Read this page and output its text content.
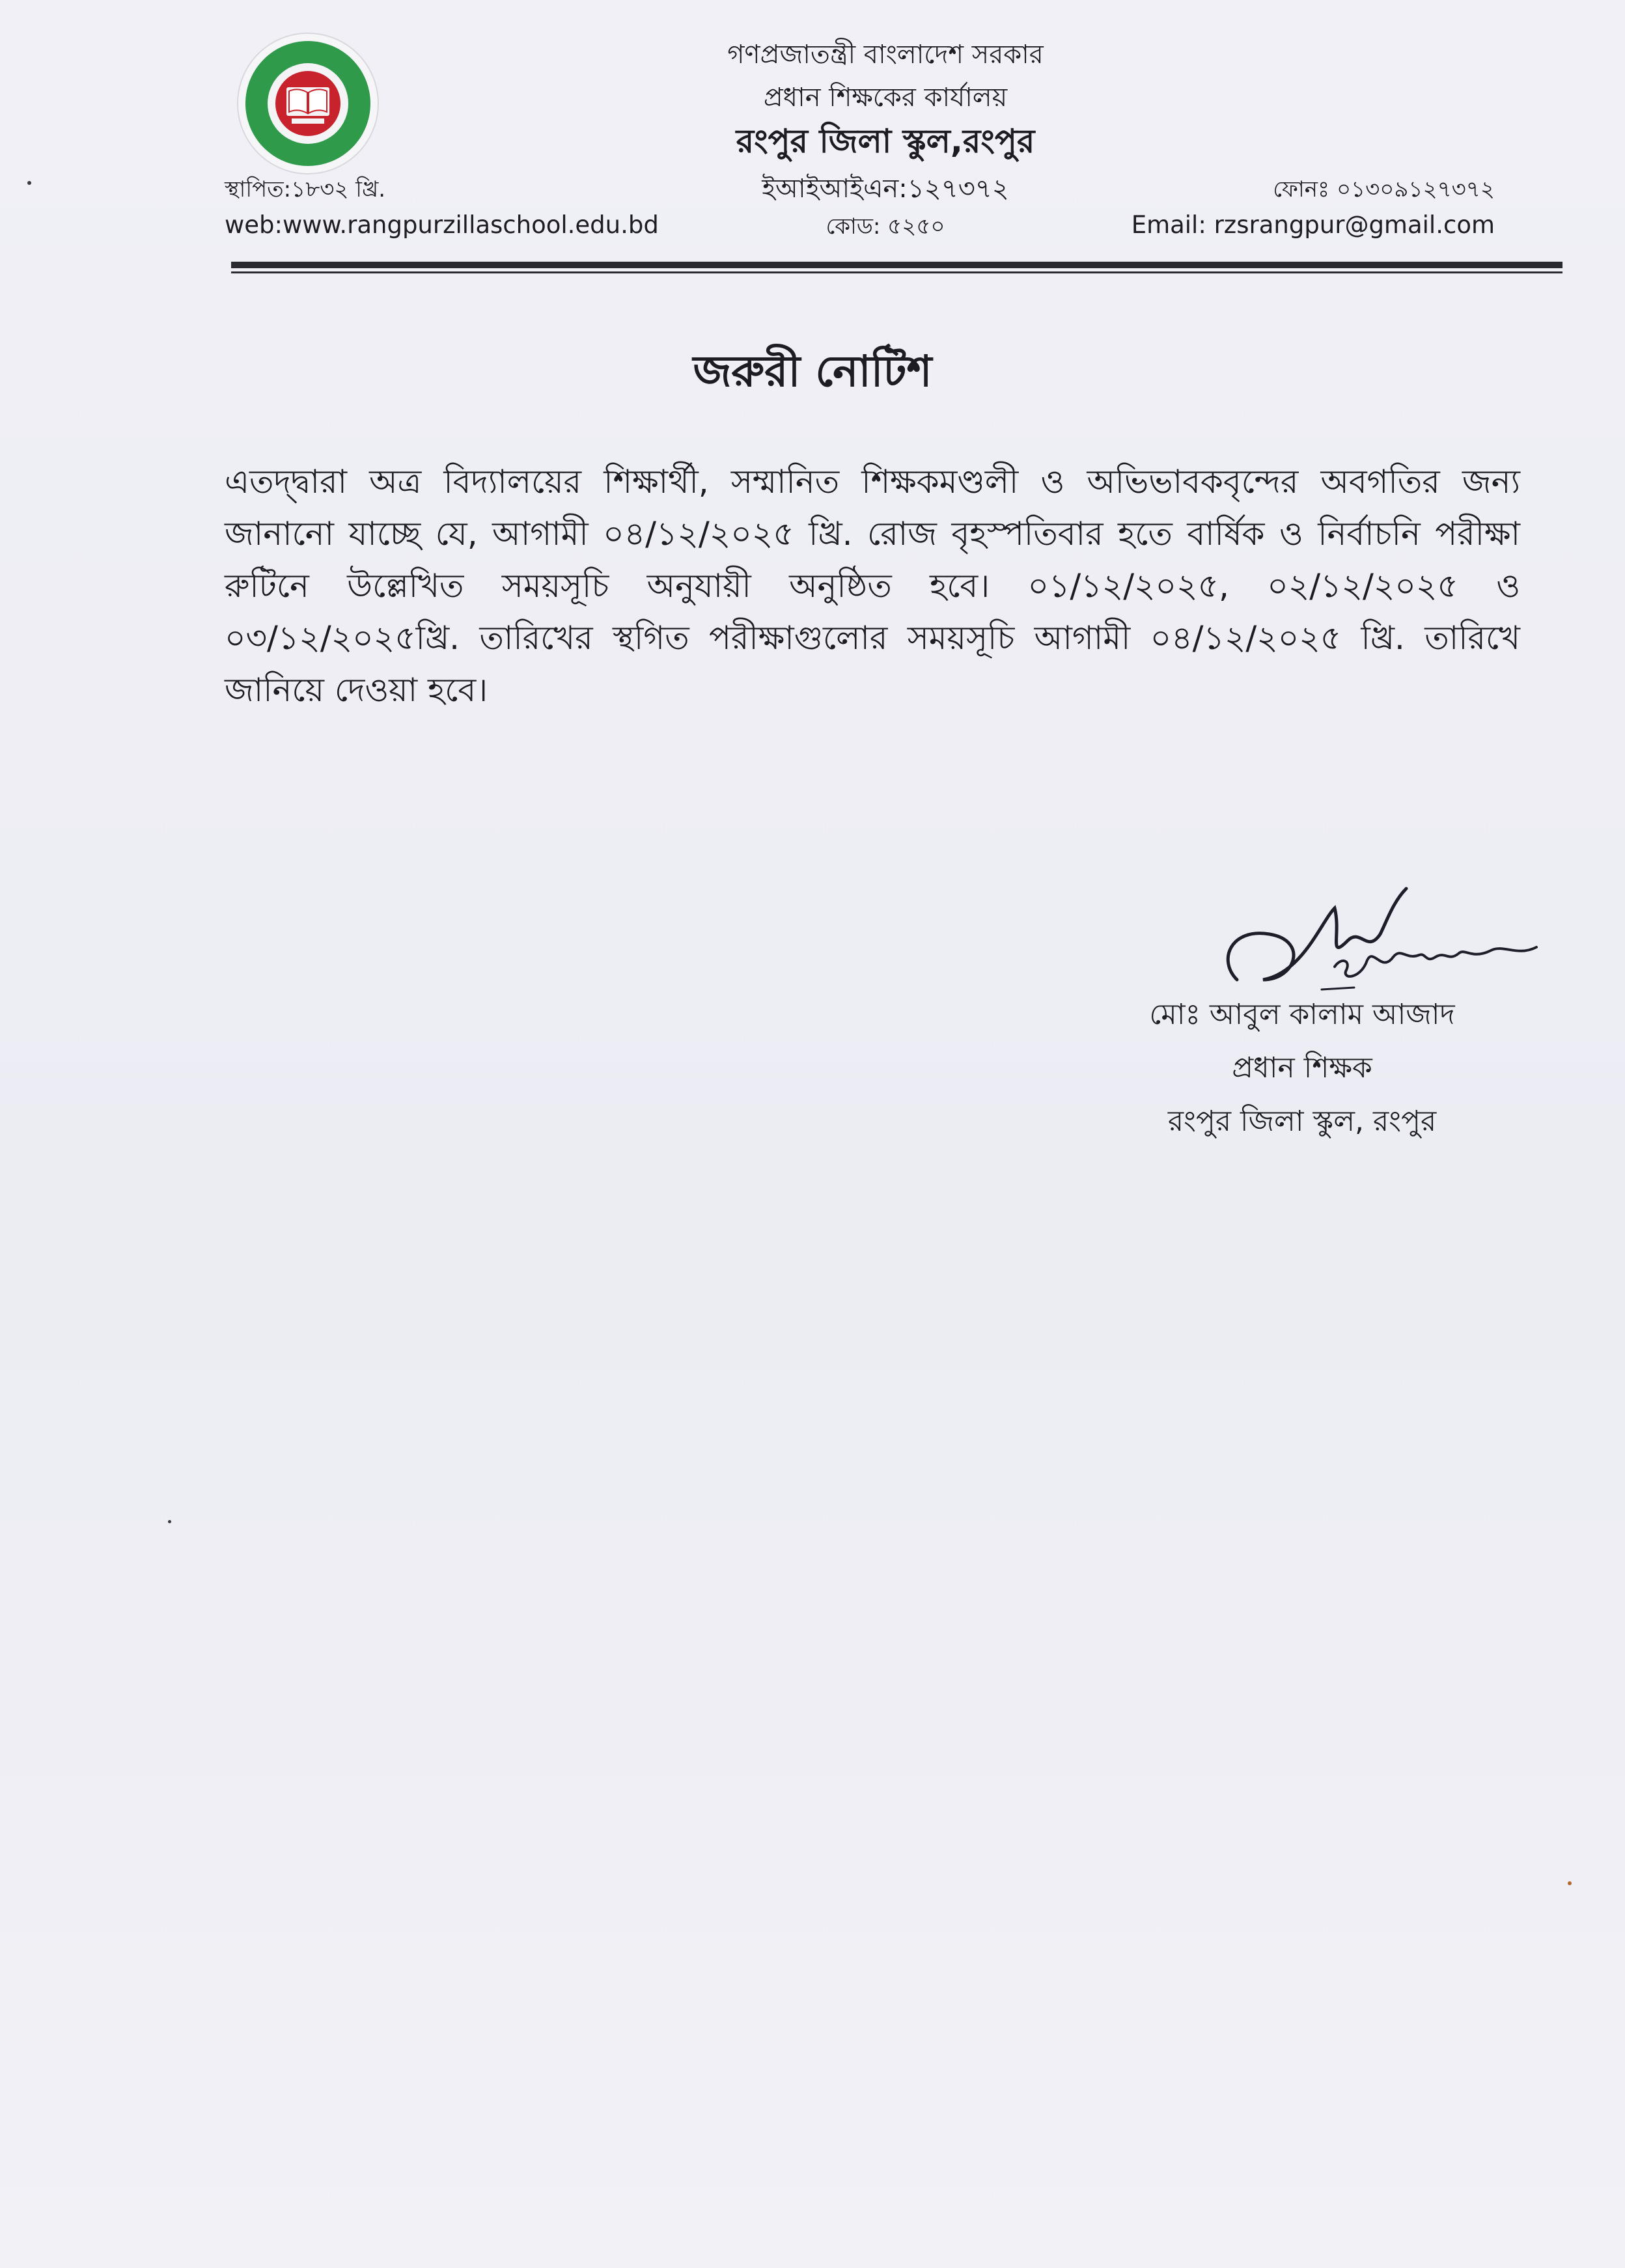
গণপ্রজাতন্ত্রী বাংলাদেশ সরকার
প্রধান শিক্ষকের কার্যালয়
রংপুর জিলা স্কুল,রংপুর
ইআইআইএন:১২৭৩৭২
কোড: ৫২৫০
স্থাপিত:১৮৩২ খ্রি.
web:www.rangpurzillaschool.edu.bd
ফোনঃ ০১৩০৯১২৭৩৭২
Email: rzsrangpur@gmail.com
জরুরী নোটিশ
এতদ্দ্বারা অত্র বিদ্যালয়ের শিক্ষার্থী, সম্মানিত শিক্ষকমণ্ডলী ও অভিভাবকবৃন্দের অবগতির জন্য জানানো যাচ্ছে যে, আগামী ০৪/১২/২০২৫ খ্রি. রোজ বৃহস্পতিবার হতে বার্ষিক ও নির্বাচনি পরীক্ষা রুটিনে উল্লেখিত সময়সূচি অনুযায়ী অনুষ্ঠিত হবে। ০১/১২/২০২৫, ০২/১২/২০২৫ ও ০৩/১২/২০২৫খ্রি. তারিখের স্থগিত পরীক্ষাগুলোর সময়সূচি আগামী ০৪/১২/২০২৫ খ্রি. তারিখে জানিয়ে দেওয়া হবে।
মোঃ আবুল কালাম আজাদ
প্রধান শিক্ষক
রংপুর জিলা স্কুল, রংপুর
